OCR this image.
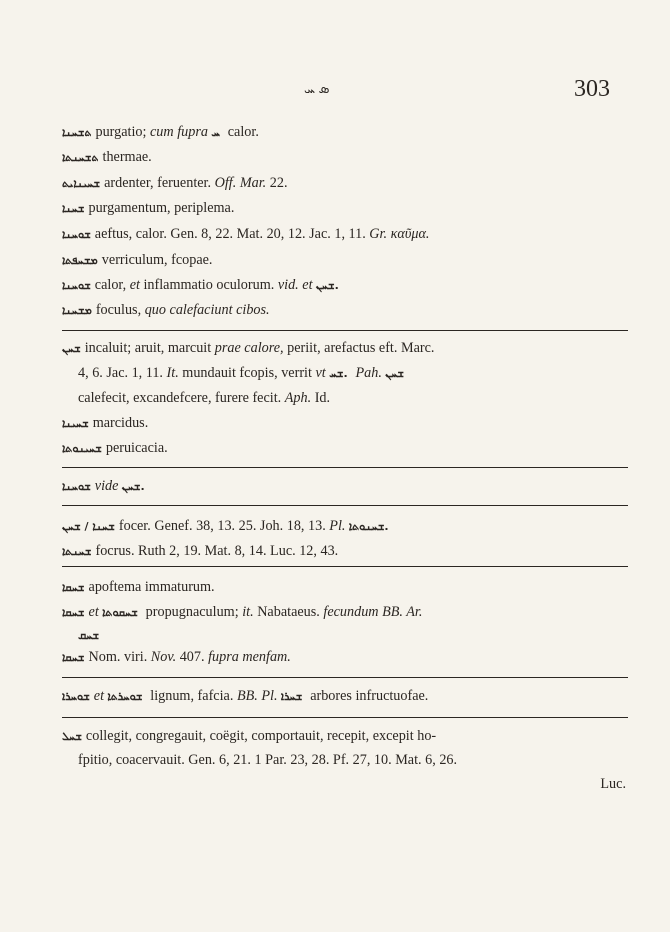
ܣ ܚ	303
ܬܫܚܢܐ purgatio; cum fupra ܚ calor.
ܬܫܚܢܬܐ thermae.
ܫܚܝܢܐܝܬ ardenter, feruenter. Off. Mar. 22.
ܫܚܢܐ purgamentum, periplema.
ܫܘܚܢܐ aeftus, calor. Gen. 8, 22. Mat. 20, 12. Jac. 1, 11. Gr. καῦμα.
ܡܫܚܦܬܐ verriculum, fcopae.
ܫܘܚܢܐ calor, et inflammatio oculorum. vid. et ܫܚܢ.
ܡܫܚܢܐ foculus, quo calefaciunt cibos.
ܫܚܢ incaluit; aruit, marcuit prae calore, periit, arefactus eft. Marc.
4, 6. Jac. 1, 11. It. mundauit fcopis, verrit vt ܫܚ. Pah. ܫܚܢ
calefecit, excandefcere, furere fecit. Aph. Id.
ܫܚܝܢܐ marcidus.
ܫܚܝܢܘܬܐ peruicacia.
ܫܘܚܢܐ vide ܫܚܢ.
ܫܚܢܐ / ܫܚܢ focer. Genef. 38, 13. 25. Joh. 18, 13. Pl. ܫܚܢܘܬܐ.
ܫܚܢܬܐ focrus. Ruth 2, 19. Mat. 8, 14. Luc. 12, 43.
ܫܚܩܐ apoftema immaturum.
ܫܚܩܐ et ܫܚܩܘܬܐ propugnaculum; it. Nabataeus. fecundum BB. Ar.
ܫܚܩ
ܫܚܩܐ Nom. viri. Nov. 407. fupra menfam.
ܫܘܚܪܐ et ܫܘܚܪܬܐ lignum, fafcia. BB. Pl. ܫܚܪܐ arbores infructuofae.
ܫܚܠ collegit, congregauit, coëgit, comportauit, recepit, excepit ho-
fpitio, coacervauit. Gen. 6, 21. 1 Par. 23, 28. Pf. 27, 10. Mat. 6, 26.
Luc.
